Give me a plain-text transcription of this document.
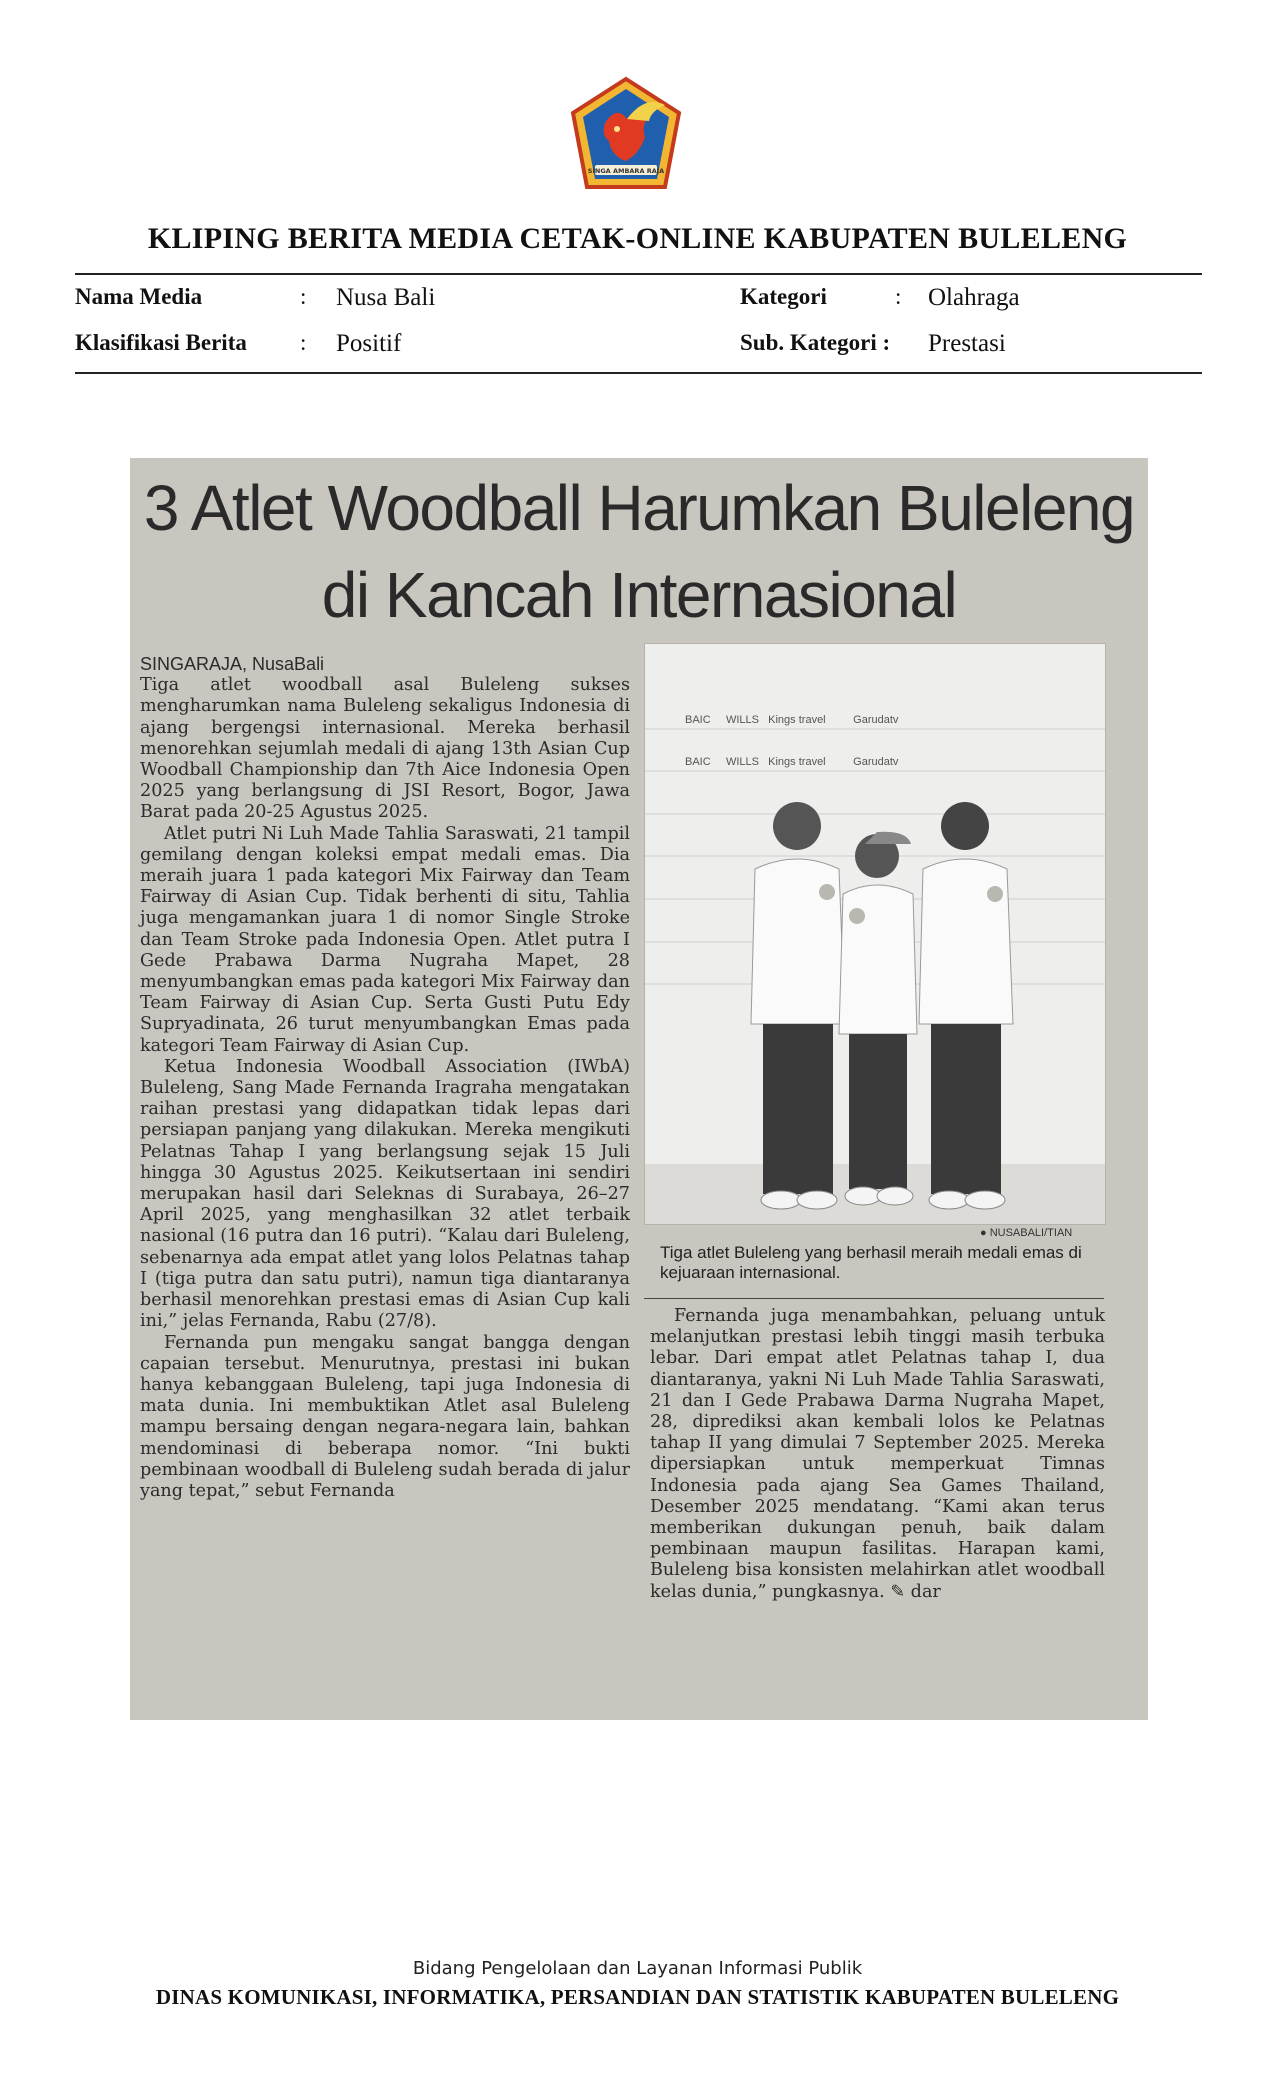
SINGA AMBARA RAJA
KLIPING BERITA MEDIA CETAK-ONLINE KABUPATEN BULELENG
Nama Media	: Nusa Bali
Klasifikasi Berita : Positif
Kategori	: Olahraga
Sub. Kategori : Prestasi
3 Atlet Woodball Harumkan Buleleng
di Kancah Internasional
SINGARAJA, NusaBali

Tiga atlet woodball asal Buleleng sukses mengharumkan nama Buleleng sekaligus Indonesia di ajang bergengsi internasional. Mereka berhasil menorehkan sejumlah medali di ajang 13th Asian Cup Woodball Championship dan 7th Aice Indonesia Open 2025 yang berlangsung di JSI Resort, Bogor, Jawa Barat pada 20-25 Agustus 2025.

Atlet putri Ni Luh Made Tahlia Saraswati, 21 tampil gemilang dengan koleksi empat medali emas. Dia meraih juara 1 pada kategori Mix Fairway dan Team Fairway di Asian Cup. Tidak berhenti di situ, Tahlia juga mengamankan juara 1 di nomor Single Stroke dan Team Stroke pada Indonesia Open. Atlet putra I Gede Prabawa Darma Nugraha Mapet, 28 menyumbangkan emas pada kategori Mix Fairway dan Team Fairway di Asian Cup. Serta Gusti Putu Edy Supryadinata, 26 turut menyumbangkan Emas pada kategori Team Fairway di Asian Cup.

Ketua Indonesia Woodball Association (IWbA) Buleleng, Sang Made Fernanda Iragraha mengatakan raihan prestasi yang didapatkan tidak lepas dari persiapan panjang yang dilakukan. Mereka mengikuti Pelatnas Tahap I yang berlangsung sejak 15 Juli hingga 30 Agustus 2025. Keikutsertaan ini sendiri merupakan hasil dari Seleknas di Surabaya, 26–27 April 2025, yang menghasilkan 32 atlet terbaik nasional (16 putra dan 16 putri). “Kalau dari Buleleng, sebenarnya ada empat atlet yang lolos Pelatnas tahap I (tiga putra dan satu putri), namun tiga diantaranya berhasil menorehkan prestasi emas di Asian Cup kali ini,” jelas Fernanda, Rabu (27/8).

Fernanda pun mengaku sangat bangga dengan capaian tersebut. Menurutnya, prestasi ini bukan hanya kebanggaan Buleleng, tapi juga Indonesia di mata dunia. Ini membuktikan Atlet asal Buleleng mampu bersaing dengan negara-negara lain, bahkan mendominasi di beberapa nomor. “Ini bukti pembinaan woodball di Buleleng sudah berada di jalur yang tepat,” sebut Fernanda

BAIC WILLS Kings travel	Garudatv
BAIC WILLS Kings travel	Garudatv
● NUSABALI/TIAN
Tiga atlet Buleleng yang berhasil meraih medali emas di kejuaraan internasional.

Fernanda juga menambahkan, peluang untuk melanjutkan prestasi lebih tinggi masih terbuka lebar. Dari empat atlet Pelatnas tahap I, dua diantaranya, yakni Ni Luh Made Tahlia Saraswati, 21 dan I Gede Prabawa Darma Nugraha Mapet, 28, diprediksi akan kembali lolos ke Pelatnas tahap II yang dimulai 7 September 2025. Mereka dipersiapkan untuk memperkuat Timnas Indonesia pada ajang Sea Games Thailand, Desember 2025 mendatang. “Kami akan terus memberikan dukungan penuh, baik dalam pembinaan maupun fasilitas. Harapan kami, Buleleng bisa konsisten melahirkan atlet woodball kelas dunia,” pungkasnya. ✎ dar

Bidang Pengelolaan dan Layanan Informasi Publik
DINAS KOMUNIKASI, INFORMATIKA, PERSANDIAN DAN STATISTIK KABUPATEN BULELENG
